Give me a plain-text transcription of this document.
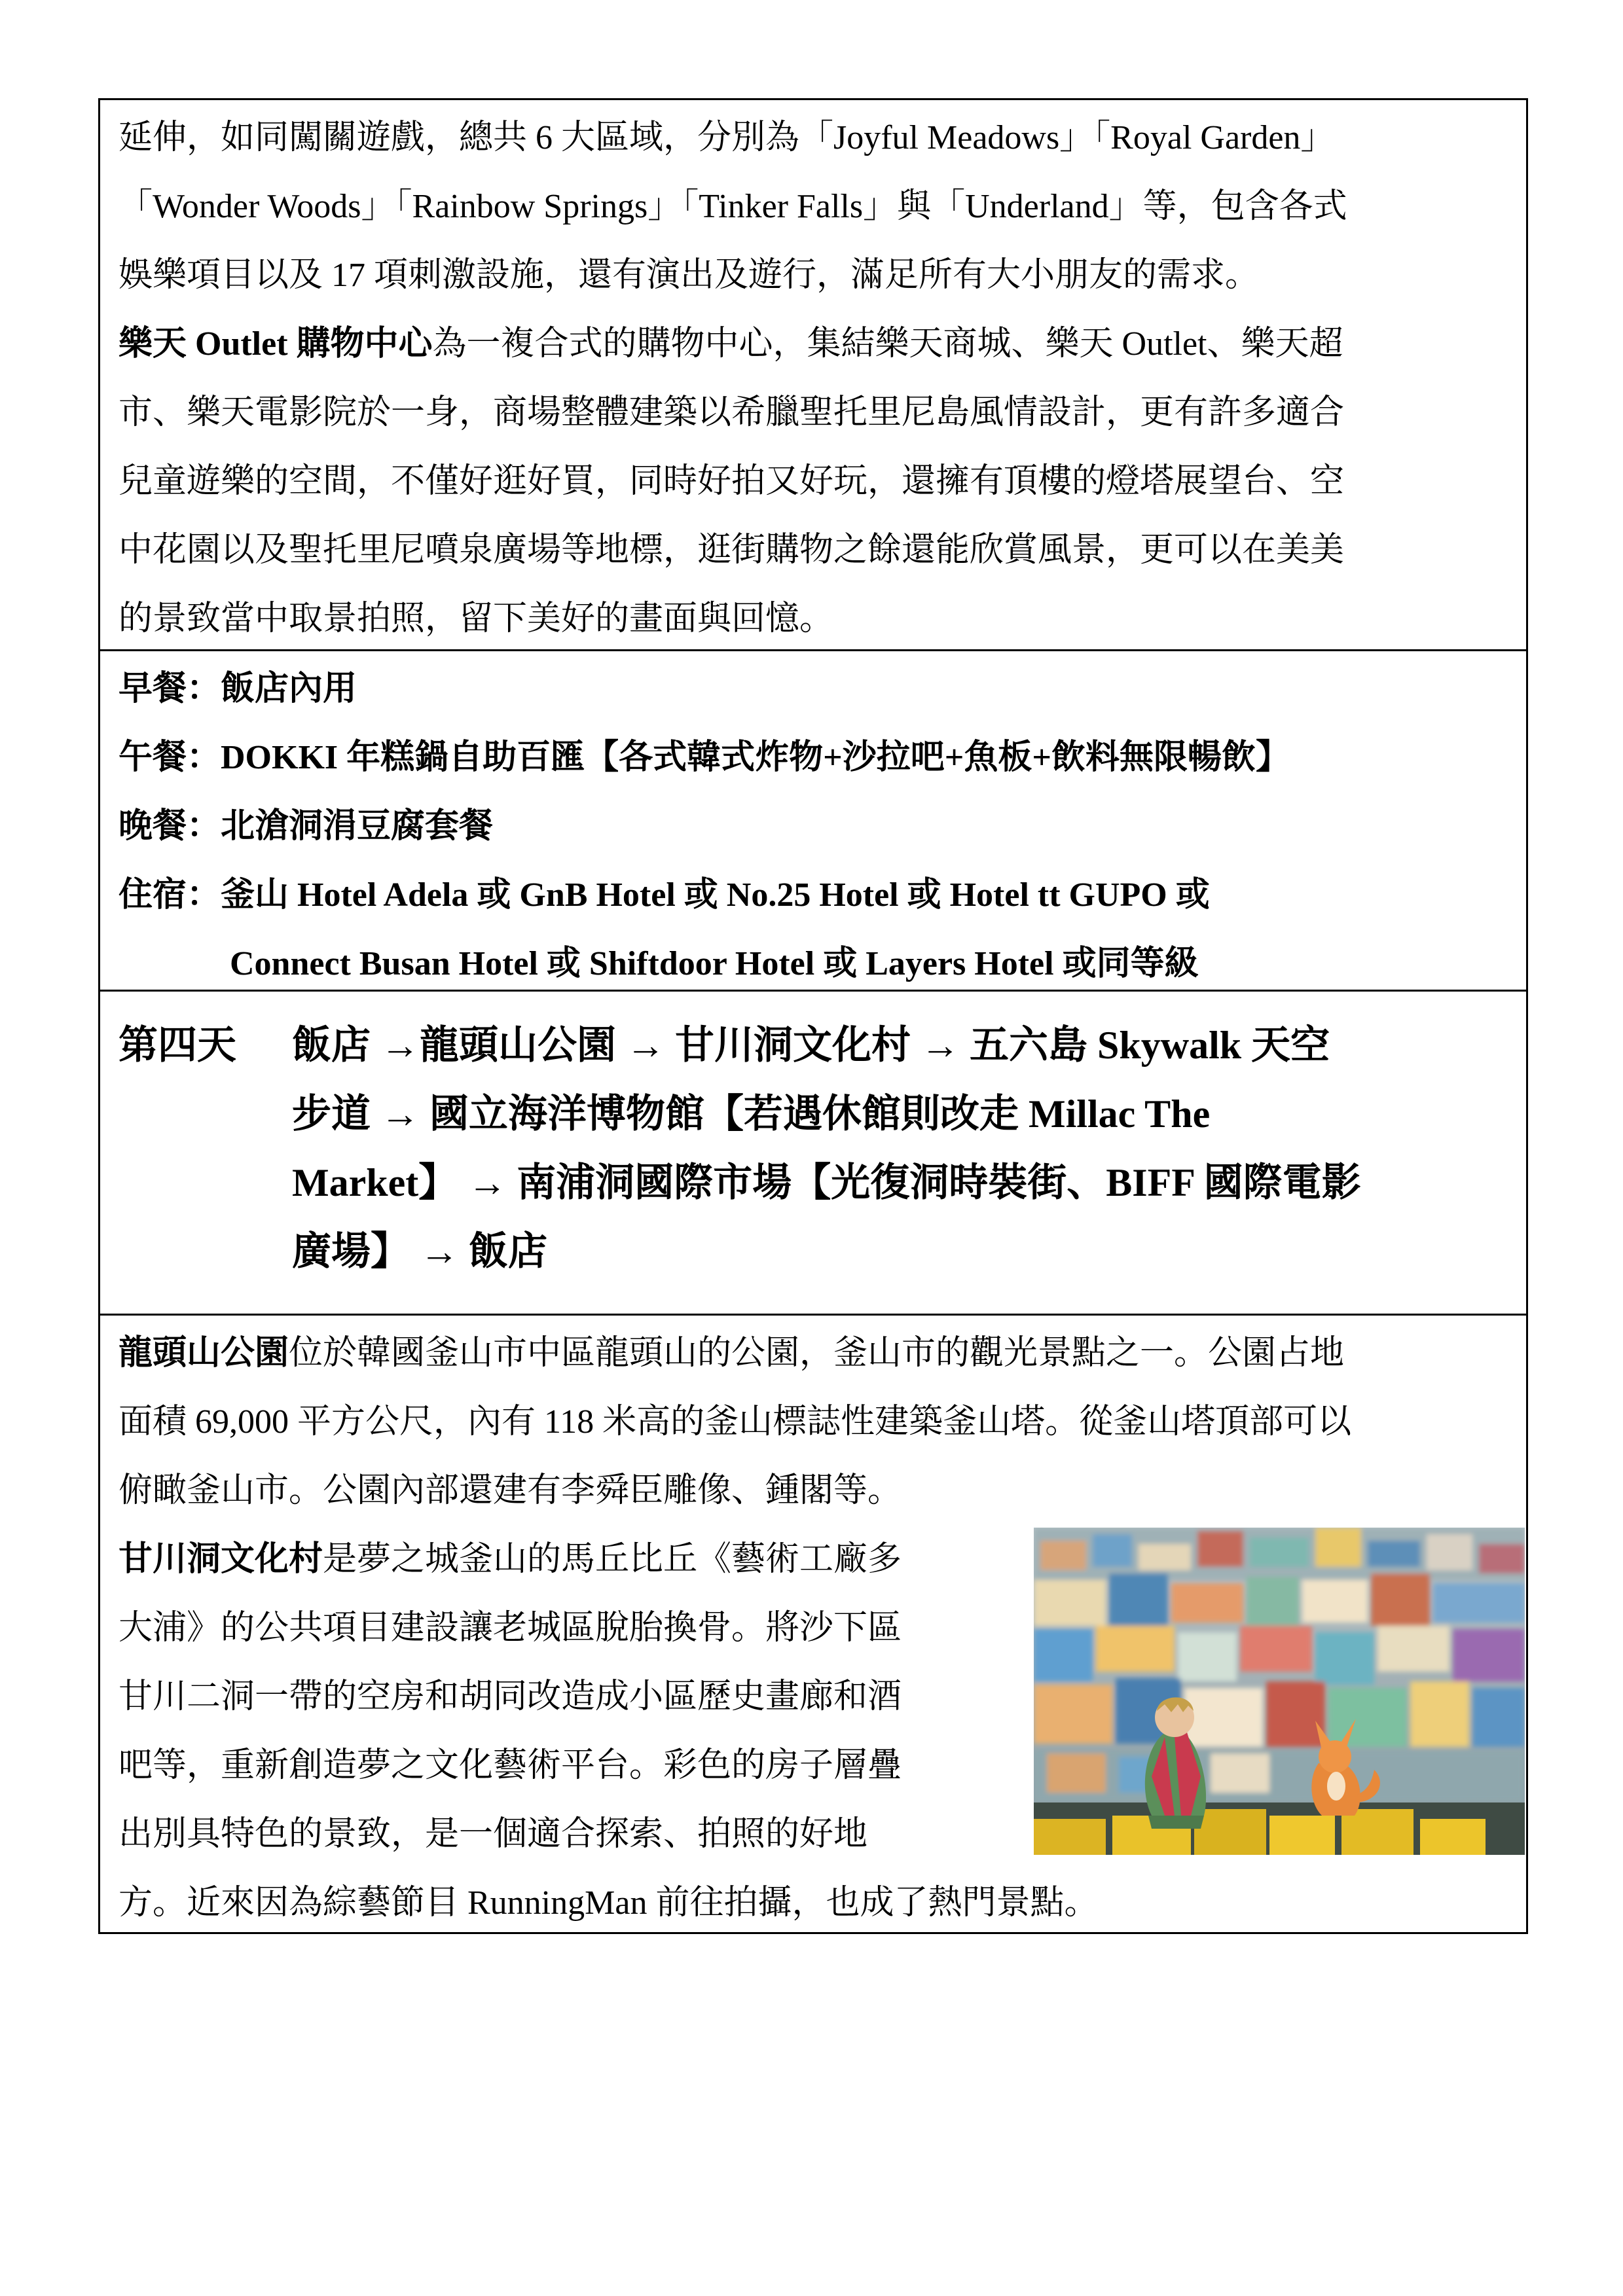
延伸，如同闖關遊戲，總共 6 大區域，分別為「Joyful Meadows」「Royal Garden」

「Wonder Woods」「Rainbow Springs」「Tinker Falls」與「Underland」等，包含各式

娛樂項目以及 17 項刺激設施，還有演出及遊行，滿足所有大小朋友的需求。

樂天 Outlet 購物中心為一複合式的購物中心，集結樂天商城、樂天 Outlet、樂天超

市、樂天電影院於一身，商場整體建築以希臘聖托里尼島風情設計，更有許多適合

兒童遊樂的空間，不僅好逛好買，同時好拍又好玩，還擁有頂樓的燈塔展望台、空

中花園以及聖托里尼噴泉廣場等地標，逛街購物之餘還能欣賞風景，更可以在美美

的景致當中取景拍照，留下美好的畫面與回憶。

早餐：飯店內用
午餐：DOKKI 年糕鍋自助百匯【各式韓式炸物+沙拉吧+魚板+飲料無限暢飲】
晚餐：北滄洞涓豆腐套餐
住宿：釜山 Hotel Adela 或 GnB Hotel 或 No.25 Hotel 或 Hotel tt GUPO 或
Connect Busan Hotel 或 Shiftdoor Hotel 或 Layers Hotel 或同等級
第四天	飯店 →龍頭山公園 → 甘川洞文化村 → 五六島 Skywalk 天空
步道 → 國立海洋博物館【若遇休館則改走 Millac The
Market】 → 南浦洞國際市場【光復洞時裝街、BIFF 國際電影
廣場】 → 飯店

龍頭山公園位於韓國釜山市中區龍頭山的公園，釜山市的觀光景點之一。公園占地

面積 69,000 平方公尺，內有 118 米高的釜山標誌性建築釜山塔。從釜山塔頂部可以

俯瞰釜山市。公園內部還建有李舜臣雕像、鍾閣等。

甘川洞文化村是夢之城釜山的馬丘比丘《藝術工廠多

大浦》的公共項目建設讓老城區脫胎換骨。將沙下區

甘川二洞一帶的空房和胡同改造成小區歷史畫廊和酒

吧等，重新創造夢之文化藝術平台。彩色的房子層疊

出別具特色的景致，是一個適合探索、拍照的好地

方。近來因為綜藝節目 RunningMan 前往拍攝，也成了熱門景點。
